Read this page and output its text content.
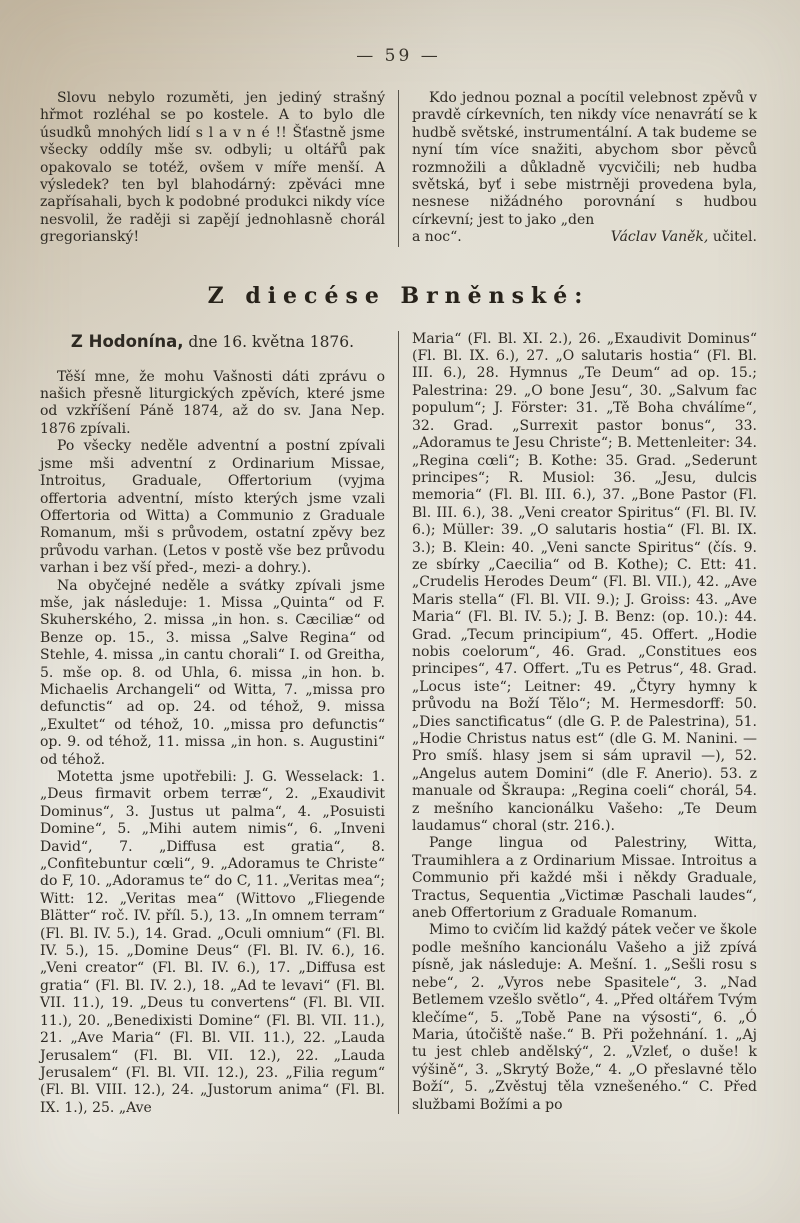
— 59 —

Slovu nebylo rozuměti, jen jediný strašný hřmot rozléhal se po kostele. A to bylo dle úsudků mnohých lidí s l a v n é !! Šťastně jsme všecky oddíly mše sv. odbyli; u oltářů pak opakovalo se totéž, ovšem v míře menší. A výsledek? ten byl blahodárný: zpěváci mne zapřísahali, bych k podobné produkci nikdy více nesvolil, že raději si zapějí jednohlasně chorál gregorianský!

Kdo jednou poznal a pocítil velebnost zpěvů v pravdě církevních, ten nikdy více nenavrátí se k hudbě světské, instrumentální. A tak budeme se nyní tím více snažiti, abychom sbor pěvců rozmnožili a důkladně vycvičili; neb hudba světská, byť i sebe mistrněji provedena byla, nesnese nižádného porovnání s hudbou církevní; jest to jako „den

a noc“.	Václav Vaněk, učitel.
Z diecése Brněnské:
Z Hodonína, dne 16. května 1876.

Těší mne, že mohu Vašnosti dáti zprávu o našich přesně liturgických zpěvích, které jsme od vzkříšení Páně 1874, až do sv. Jana Nep. 1876 zpívali.

Po všecky neděle adventní a postní zpívali jsme mši adventní z Ordinarium Missae, Introitus, Graduale, Offertorium (vyjma offertoria adventní, místo kterých jsme vzali Offertoria od Witta) a Communio z Graduale Romanum, mši s průvodem, ostatní zpěvy bez průvodu varhan. (Letos v postě vše bez průvodu varhan i bez vší před-, mezi- a dohry.).

Na obyčejné neděle a svátky zpívali jsme mše, jak následuje: 1. Missa „Quinta“ od F. Skuherského, 2. missa „in hon. s. Cæciliæ“ od Benze op. 15., 3. missa „Salve Regina“ od Stehle, 4. missa „in cantu chorali“ I. od Greitha, 5. mše op. 8. od Uhla, 6. missa „in hon. b. Michaelis Archangeli“ od Witta, 7. „missa pro defunctis“ ad op. 24. od téhož, 9. missa „Exultet“ od téhož, 10. „missa pro defunctis“ op. 9. od téhož, 11. missa „in hon. s. Augustini“ od téhož.

Motetta jsme upotřebili: J. G. Wesselack: 1. „Deus firmavit orbem terræ“, 2. „Exaudivit Dominus“, 3. Justus ut palma“, 4. „Posuisti Domine“, 5. „Mihi autem nimis“, 6. „Inveni David“, 7. „Diffusa est gratia“, 8. „Confitebuntur cœli“, 9. „Adoramus te Christe“ do F, 10. „Adoramus te“ do C, 11. „Veritas mea“; Witt: 12. „Veritas mea“ (Wittovo „Fliegende Blätter“ roč. IV. příl. 5.), 13. „In omnem terram“ (Fl. Bl. IV. 5.), 14. Grad. „Oculi omnium“ (Fl. Bl. IV. 5.), 15. „Domine Deus“ (Fl. Bl. IV. 6.), 16. „Veni creator“ (Fl. Bl. IV. 6.), 17. „Diffusa est gratia“ (Fl. Bl. IV. 2.), 18. „Ad te levavi“ (Fl. Bl. VII. 11.), 19. „Deus tu convertens“ (Fl. Bl. VII. 11.), 20. „Benedixisti Domine“ (Fl. Bl. VII. 11.), 21. „Ave Maria“ (Fl. Bl. VII. 11.), 22. „Lauda Jerusalem“ (Fl. Bl. VII. 12.), 22. „Lauda Jerusalem“ (Fl. Bl. VII. 12.), 23. „Filia regum“ (Fl. Bl. VIII. 12.), 24. „Justorum anima“ (Fl. Bl. IX. 1.), 25. „Ave

Maria“ (Fl. Bl. XI. 2.), 26. „Exaudivit Dominus“ (Fl. Bl. IX. 6.), 27. „O salutaris hostia“ (Fl. Bl. III. 6.), 28. Hymnus „Te Deum“ ad op. 15.; Palestrina: 29. „O bone Jesu“, 30. „Salvum fac populum“; J. Förster: 31. „Tě Boha chválíme“, 32. Grad. „Surrexit pastor bonus“, 33. „Adoramus te Jesu Christe“; B. Mettenleiter: 34. „Regina cœli“; B. Kothe: 35. Grad. „Sederunt principes“; R. Musiol: 36. „Jesu, dulcis memoria“ (Fl. Bl. III. 6.), 37. „Bone Pastor (Fl. Bl. III. 6.), 38. „Veni creator Spiritus“ (Fl. Bl. IV. 6.); Müller: 39. „O salutaris hostia“ (Fl. Bl. IX. 3.); B. Klein: 40. „Veni sancte Spiritus“ (čís. 9. ze sbírky „Caecilia“ od B. Kothe); C. Ett: 41. „Crudelis Herodes Deum“ (Fl. Bl. VII.), 42. „Ave Maris stella“ (Fl. Bl. VII. 9.); J. Groiss: 43. „Ave Maria“ (Fl. Bl. IV. 5.); J. B. Benz: (op. 10.): 44. Grad. „Tecum principium“, 45. Offert. „Hodie nobis coelorum“, 46. Grad. „Constitues eos principes“, 47. Offert. „Tu es Petrus“, 48. Grad. „Locus iste“; Leitner: 49. „Čtyry hymny k průvodu na Boží Tělo“; M. Hermesdorff: 50. „Dies sanctificatus“ (dle G. P. de Palestrina), 51. „Hodie Christus natus est“ (dle G. M. Nanini. — Pro smíš. hlasy jsem si sám upravil —), 52. „Angelus autem Domini“ (dle F. Anerio). 53. z manuale od Škraupa: „Regina coeli“ chorál, 54. z mešního kancionálku Vašeho: „Te Deum laudamus“ choral (str. 216.).

Pange lingua od Palestriny, Witta, Traumihlera a z Ordinarium Missae. Introitus a Communio při každé mši i někdy Graduale, Tractus, Sequentia „Victimæ Paschali laudes“, aneb Offertorium z Graduale Romanum.

Mimo to cvičím lid každý pátek večer ve škole podle mešního kancionálu Vašeho a již zpívá písně, jak následuje: A. Mešní. 1. „Sešli rosu s nebe“, 2. „Vyros nebe Spasitele“, 3. „Nad Betlemem vzešlo světlo“, 4. „Před oltářem Tvým klečíme“, 5. „Tobě Pane na výsosti“, 6. „Ó Maria, útočiště naše.“ B. Při požehnání. 1. „Aj tu jest chleb andělský“, 2. „Vzleť, o duše! k výšině“, 3. „Skrytý Bože,“ 4. „O přeslavné tělo Boží“, 5. „Zvěstuj těla vznešeného.“ C. Před službami Božími a po
